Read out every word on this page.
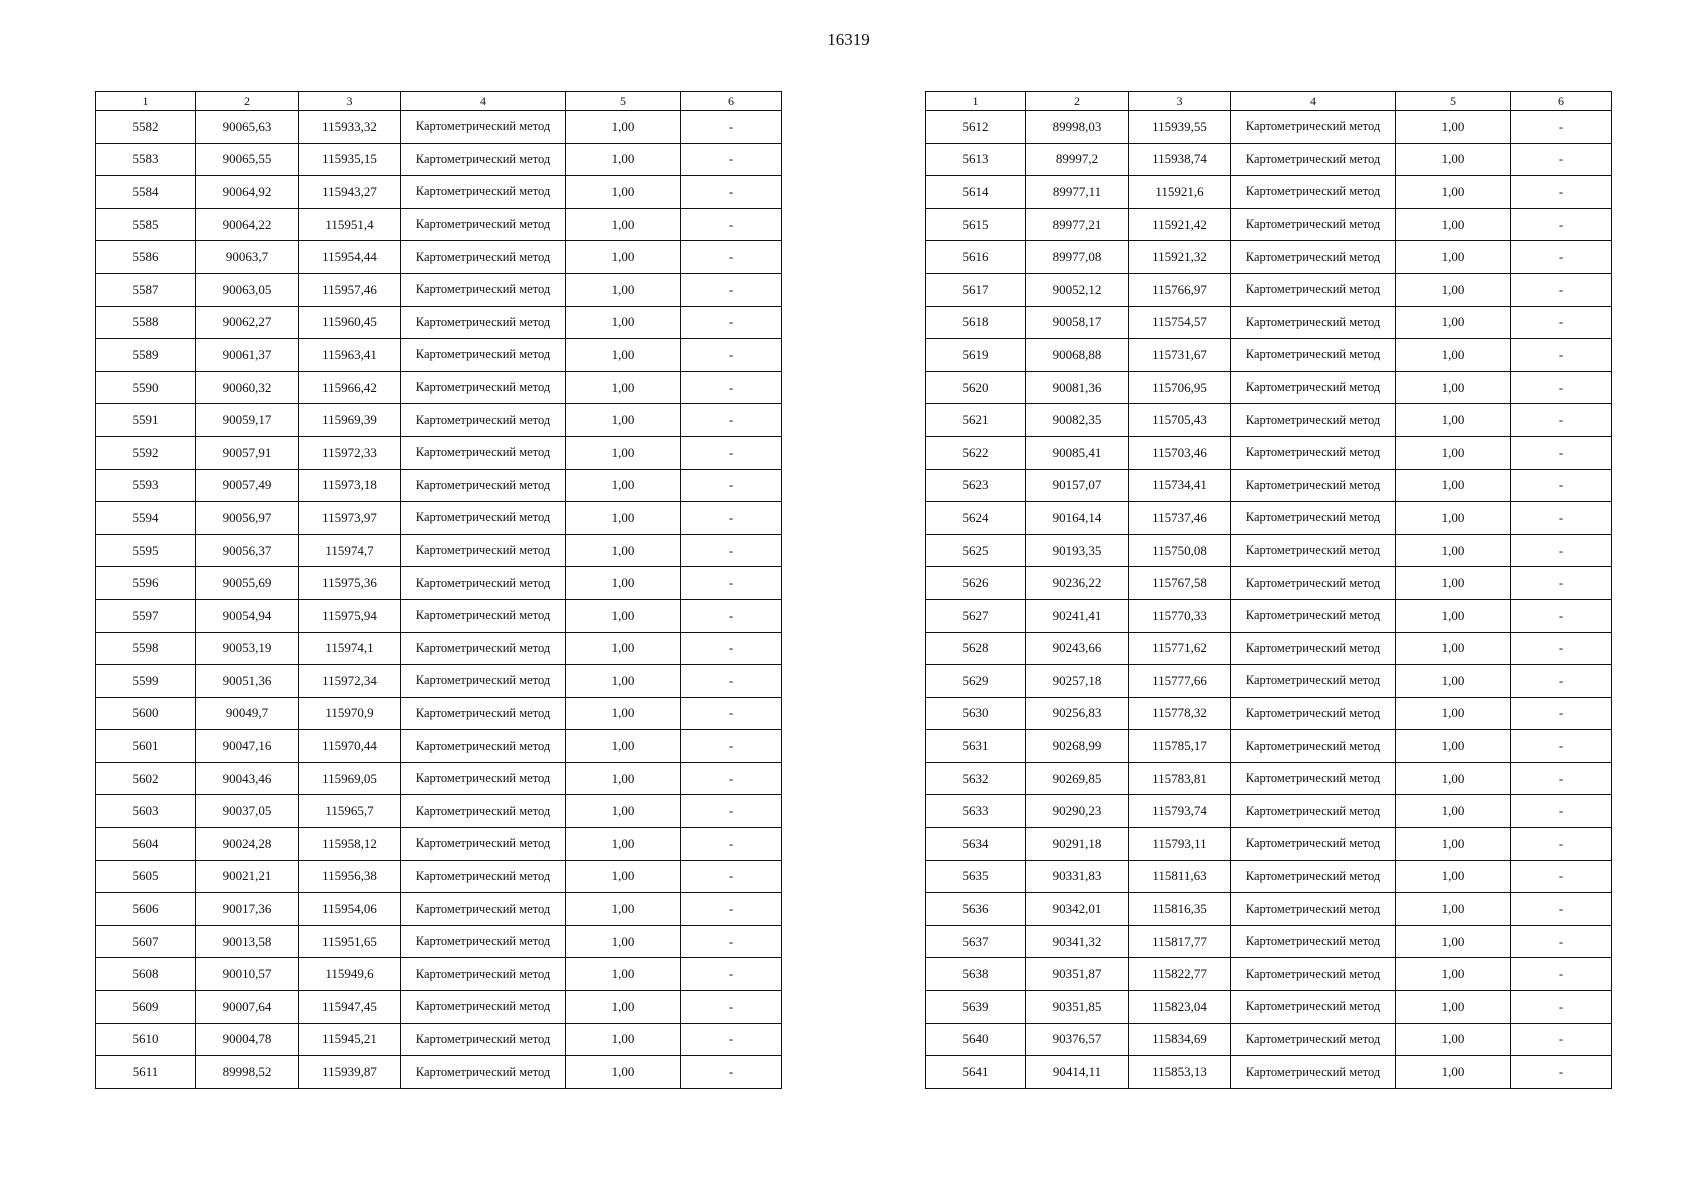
16319
1	2	3	4	5	6
5582	90065,63	115933,32	Картометрический метод	1,00	-
5583	90065,55	115935,15	Картометрический метод	1,00	-
5584	90064,92	115943,27	Картометрический метод	1,00	-
5585	90064,22	115951,4	Картометрический метод	1,00	-
5586	90063,7	115954,44	Картометрический метод	1,00	-
5587	90063,05	115957,46	Картометрический метод	1,00	-
5588	90062,27	115960,45	Картометрический метод	1,00	-
5589	90061,37	115963,41	Картометрический метод	1,00	-
5590	90060,32	115966,42	Картометрический метод	1,00	-
5591	90059,17	115969,39	Картометрический метод	1,00	-
5592	90057,91	115972,33	Картометрический метод	1,00	-
5593	90057,49	115973,18	Картометрический метод	1,00	-
5594	90056,97	115973,97	Картометрический метод	1,00	-
5595	90056,37	115974,7	Картометрический метод	1,00	-
5596	90055,69	115975,36	Картометрический метод	1,00	-
5597	90054,94	115975,94	Картометрический метод	1,00	-
5598	90053,19	115974,1	Картометрический метод	1,00	-
5599	90051,36	115972,34	Картометрический метод	1,00	-
5600	90049,7	115970,9	Картометрический метод	1,00	-
5601	90047,16	115970,44	Картометрический метод	1,00	-
5602	90043,46	115969,05	Картометрический метод	1,00	-
5603	90037,05	115965,7	Картометрический метод	1,00	-
5604	90024,28	115958,12	Картометрический метод	1,00	-
5605	90021,21	115956,38	Картометрический метод	1,00	-
5606	90017,36	115954,06	Картометрический метод	1,00	-
5607	90013,58	115951,65	Картометрический метод	1,00	-
5608	90010,57	115949,6	Картометрический метод	1,00	-
5609	90007,64	115947,45	Картометрический метод	1,00	-
5610	90004,78	115945,21	Картометрический метод	1,00	-
5611	89998,52	115939,87	Картометрический метод	1,00	-
1	2	3	4	5	6
5612	89998,03	115939,55	Картометрический метод	1,00	-
5613	89997,2	115938,74	Картометрический метод	1,00	-
5614	89977,11	115921,6	Картометрический метод	1,00	-
5615	89977,21	115921,42	Картометрический метод	1,00	-
5616	89977,08	115921,32	Картометрический метод	1,00	-
5617	90052,12	115766,97	Картометрический метод	1,00	-
5618	90058,17	115754,57	Картометрический метод	1,00	-
5619	90068,88	115731,67	Картометрический метод	1,00	-
5620	90081,36	115706,95	Картометрический метод	1,00	-
5621	90082,35	115705,43	Картометрический метод	1,00	-
5622	90085,41	115703,46	Картометрический метод	1,00	-
5623	90157,07	115734,41	Картометрический метод	1,00	-
5624	90164,14	115737,46	Картометрический метод	1,00	-
5625	90193,35	115750,08	Картометрический метод	1,00	-
5626	90236,22	115767,58	Картометрический метод	1,00	-
5627	90241,41	115770,33	Картометрический метод	1,00	-
5628	90243,66	115771,62	Картометрический метод	1,00	-
5629	90257,18	115777,66	Картометрический метод	1,00	-
5630	90256,83	115778,32	Картометрический метод	1,00	-
5631	90268,99	115785,17	Картометрический метод	1,00	-
5632	90269,85	115783,81	Картометрический метод	1,00	-
5633	90290,23	115793,74	Картометрический метод	1,00	-
5634	90291,18	115793,11	Картометрический метод	1,00	-
5635	90331,83	115811,63	Картометрический метод	1,00	-
5636	90342,01	115816,35	Картометрический метод	1,00	-
5637	90341,32	115817,77	Картометрический метод	1,00	-
5638	90351,87	115822,77	Картометрический метод	1,00	-
5639	90351,85	115823,04	Картометрический метод	1,00	-
5640	90376,57	115834,69	Картометрический метод	1,00	-
5641	90414,11	115853,13	Картометрический метод	1,00	-
